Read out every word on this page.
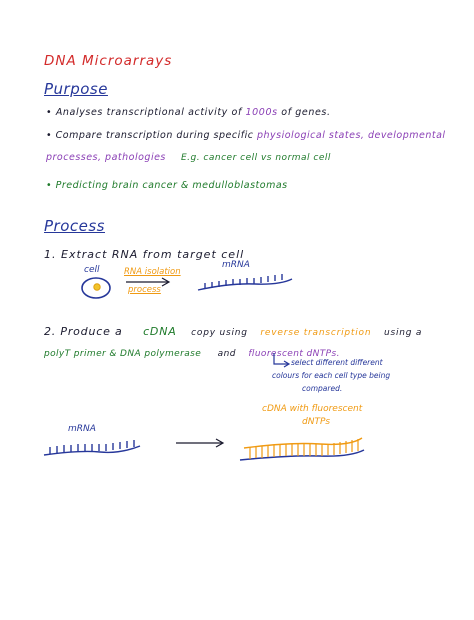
DNA Microarrays
Purpose
• Analyses transcriptional activity of 1000s of genes.
• Compare transcription during specific physiological states, developmental
processes, pathologies E.g. cancer cell vs normal cell
• Predicting brain cancer & medulloblastomas
Process
1. Extract RNA from target cell
cell	RNA isolation
process
mRNA
2. Produce a cDNA copy using reverse transcription using a
polyT primer & DNA polymerase and fluorescent dNTPs.
select different different
colours for each cell type being
compared.
mRNA
cDNA with fluorescent
dNTPs
